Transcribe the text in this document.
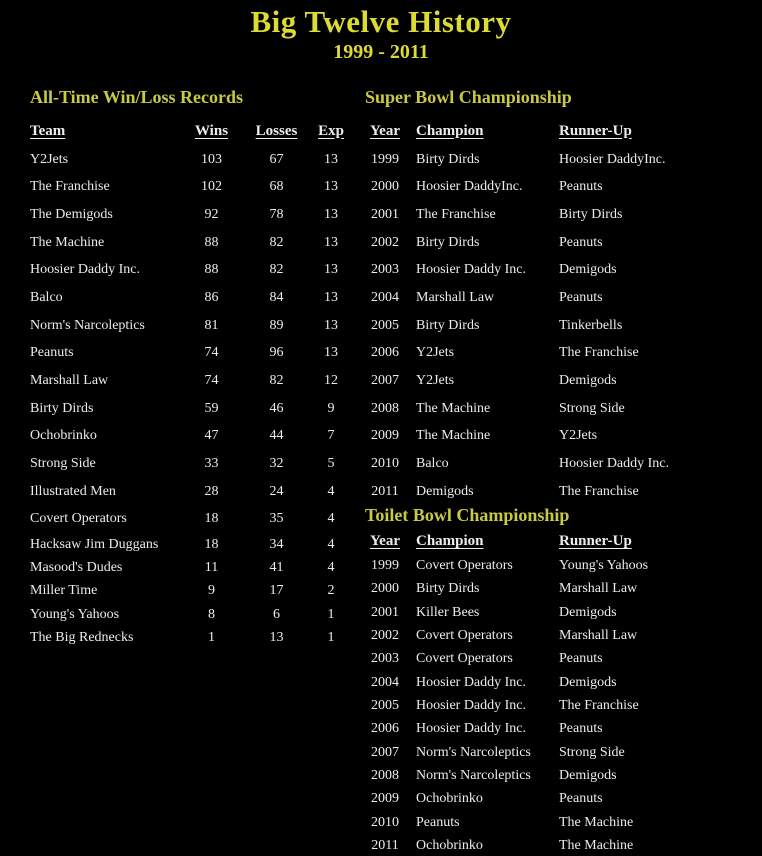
Big Twelve History
1999 - 2011
All-Time Win/Loss Records
Team	Wins	Losses	Exp
Y2Jets	103	67	13
The Franchise	102	68	13
The Demigods	92	78	13
The Machine	88	82	13
Hoosier Daddy Inc.	88	82	13
Balco	86	84	13
Norm's Narcoleptics	81	89	13
Peanuts	74	96	13
Marshall Law	74	82	12
Birty Dirds	59	46	9
Ochobrinko	47	44	7
Strong Side	33	32	5
Illustrated Men	28	24	4
Covert Operators	18	35	4
Hacksaw Jim Duggans	18	34	4
Masood's Dudes	11	41	4
Miller Time	9	17	2
Young's Yahoos	8	6	1
The Big Rednecks	1	13	1
Super Bowl Championship
Year	Champion	Runner-Up
1999	Birty Dirds	Hoosier DaddyInc.
2000	Hoosier DaddyInc.	Peanuts
2001	The Franchise	Birty Dirds
2002	Birty Dirds	Peanuts
2003	Hoosier Daddy Inc.	Demigods
2004	Marshall Law	Peanuts
2005	Birty Dirds	Tinkerbells
2006	Y2Jets	The Franchise
2007	Y2Jets	Demigods
2008	The Machine	Strong Side
2009	The Machine	Y2Jets
2010	Balco	Hoosier Daddy Inc.
2011	Demigods	The Franchise
Toilet Bowl Championship
Year	Champion	Runner-Up
1999	Covert Operators	Young's Yahoos
2000	Birty Dirds	Marshall Law
2001	Killer Bees	Demigods
2002	Covert Operators	Marshall Law
2003	Covert Operators	Peanuts
2004	Hoosier Daddy Inc.	Demigods
2005	Hoosier Daddy Inc.	The Franchise
2006	Hoosier Daddy Inc.	Peanuts
2007	Norm's Narcoleptics	Strong Side
2008	Norm's Narcoleptics	Demigods
2009	Ochobrinko	Peanuts
2010	Peanuts	The Machine
2011	Ochobrinko	The Machine
